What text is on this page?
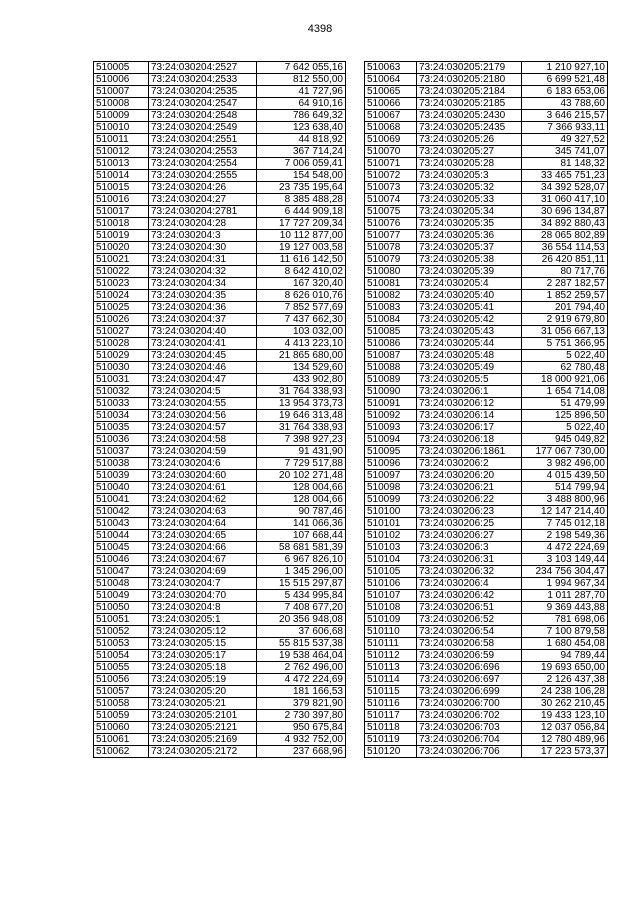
4398
510005	73:24:030204:2527	7 642 055,16
510006	73:24:030204:2533	812 550,00
510007	73:24:030204:2535	41 727,96
510008	73:24:030204:2547	64 910,16
510009	73:24:030204:2548	786 649,32
510010	73:24:030204:2549	123 638,40
510011	73:24:030204:2551	44 818,92
510012	73:24:030204:2553	367 714,24
510013	73:24:030204:2554	7 006 059,41
510014	73:24:030204:2555	154 548,00
510015	73:24:030204:26	23 735 195,64
510016	73:24:030204:27	8 385 488,28
510017	73:24:030204:2781	6 444 909,18
510018	73:24:030204:28	17 727 209,34
510019	73:24:030204:3	10 112 877,00
510020	73:24:030204:30	19 127 003,58
510021	73:24:030204:31	11 616 142,50
510022	73:24:030204:32	8 642 410,02
510023	73:24:030204:34	167 320,40
510024	73:24:030204:35	8 626 010,76
510025	73:24:030204:36	7 852 577,69
510026	73:24:030204:37	7 437 662,30
510027	73:24:030204:40	103 032,00
510028	73:24:030204:41	4 413 223,10
510029	73:24:030204:45	21 865 680,00
510030	73:24:030204:46	134 529,60
510031	73:24:030204:47	433 902,80
510032	73:24:030204:5	31 764 338,93
510033	73:24:030204:55	13 954 373,73
510034	73:24:030204:56	19 646 313,48
510035	73:24:030204:57	31 764 338,93
510036	73:24:030204:58	7 398 927,23
510037	73:24:030204:59	91 431,90
510038	73:24:030204:6	7 729 517,88
510039	73:24:030204:60	20 102 271,48
510040	73:24:030204:61	128 004,66
510041	73:24:030204:62	128 004,66
510042	73:24:030204:63	90 787,46
510043	73:24:030204:64	141 066,36
510044	73:24:030204:65	107 668,44
510045	73:24:030204:66	58 681 581,39
510046	73:24:030204:67	6 967 826,10
510047	73:24:030204:69	1 345 296,00
510048	73:24:030204:7	15 515 297,87
510049	73:24:030204:70	5 434 995,84
510050	73:24:030204:8	7 408 677,20
510051	73:24:030205:1	20 356 948,08
510052	73:24:030205:12	37 606,68
510053	73:24:030205:15	55 815 537,38
510054	73:24:030205:17	19 538 464,04
510055	73:24:030205:18	2 762 496,00
510056	73:24:030205:19	4 472 224,69
510057	73:24:030205:20	181 166,53
510058	73:24:030205:21	379 821,90
510059	73:24:030205:2101	2 730 397,80
510060	73:24:030205:2121	950 675,84
510061	73:24:030205:2169	4 932 752,00
510062	73:24:030205:2172	237 668,96
510063	73:24:030205:2179	1 210 927,10
510064	73:24:030205:2180	6 699 521,48
510065	73:24:030205:2184	6 183 653,06
510066	73:24:030205:2185	43 788,60
510067	73:24:030205:2430	3 646 215,57
510068	73:24:030205:2435	7 366 933,11
510069	73:24:030205:26	49 327,52
510070	73:24:030205:27	345 741,07
510071	73:24:030205:28	81 148,32
510072	73:24:030205:3	33 465 751,23
510073	73:24:030205:32	34 392 528,07
510074	73:24:030205:33	31 060 417,10
510075	73:24:030205:34	30 696 134,87
510076	73:24:030205:35	34 892 880,43
510077	73:24:030205:36	28 065 802,89
510078	73:24:030205:37	36 554 114,53
510079	73:24:030205:38	26 420 851,11
510080	73:24:030205:39	80 717,76
510081	73:24:030205:4	2 287 182,57
510082	73:24:030205:40	1 852 259,57
510083	73:24:030205:41	201 794,40
510084	73:24:030205:42	2 919 679,80
510085	73:24:030205:43	31 056 667,13
510086	73:24:030205:44	5 751 366,95
510087	73:24:030205:48	5 022,40
510088	73:24:030205:49	62 780,48
510089	73:24:030205:5	18 000 921,06
510090	73:24:030206:1	1 654 714,08
510091	73:24:030206:12	51 479,99
510092	73:24:030206:14	125 896,50
510093	73:24:030206:17	5 022,40
510094	73:24:030206:18	945 049,82
510095	73:24:030206:1861	177 067 730,00
510096	73:24:030206:2	3 982 496,00
510097	73:24:030206:20	4 015 439,50
510098	73:24:030206:21	514 799,94
510099	73:24:030206:22	3 488 800,96
510100	73:24:030206:23	12 147 214,40
510101	73:24:030206:25	7 745 012,18
510102	73:24:030206:27	2 198 549,36
510103	73:24:030206:3	4 472 224,69
510104	73:24:030206:31	3 103 149,44
510105	73:24:030206:32	234 756 304,47
510106	73:24:030206:4	1 994 967,34
510107	73:24:030206:42	1 011 287,70
510108	73:24:030206:51	9 369 443,88
510109	73:24:030206:52	781 698,06
510110	73:24:030206:54	7 100 879,58
510111	73:24:030206:58	1 680 454,08
510112	73:24:030206:59	94 789,44
510113	73:24:030206:696	19 693 650,00
510114	73:24:030206:697	2 126 437,38
510115	73:24:030206:699	24 238 106,28
510116	73:24:030206:700	30 262 210,45
510117	73:24:030206:702	19 433 123,10
510118	73:24:030206:703	12 037 056,84
510119	73:24:030206:704	12 780 489,96
510120	73:24:030206:706	17 223 573,37
